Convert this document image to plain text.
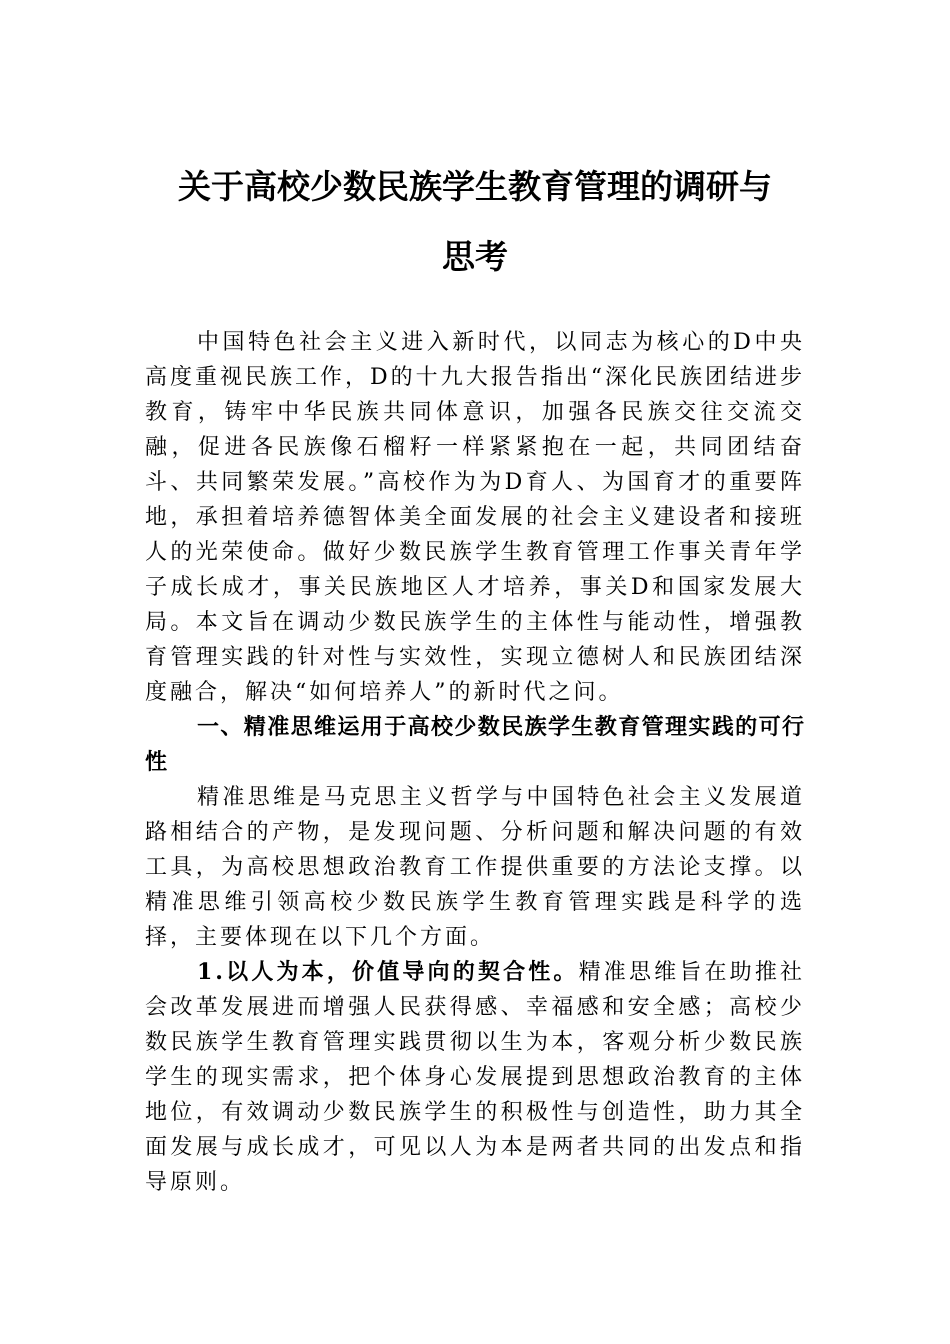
关于高校少数民族学生教育管理的调研与
思考

中国特色社会主义进入新时代，以同志为核心的D中央高度重视民族工作，D的十九大报告指出“深化民族团结进步教育，铸牢中华民族共同体意识，加强各民族交往交流交融，促进各民族像石榴籽一样紧紧抱在一起，共同团结奋斗、共同繁荣发展。”高校作为为D育人、为国育才的重要阵地，承担着培养德智体美全面发展的社会主义建设者和接班人的光荣使命。做好少数民族学生教育管理工作事关青年学子成长成才，事关民族地区人才培养，事关D和国家发展大局。本文旨在调动少数民族学生的主体性与能动性，增强教育管理实践的针对性与实效性，实现立德树人和民族团结深度融合，解决“如何培养人”的新时代之问。

一、精准思维运用于高校少数民族学生教育管理实践的可行性

精准思维是马克思主义哲学与中国特色社会主义发展道路相结合的产物，是发现问题、分析问题和解决问题的有效工具，为高校思想政治教育工作提供重要的方法论支撑。以精准思维引领高校少数民族学生教育管理实践是科学的选择，主要体现在以下几个方面。

1.以人为本，价值导向的契合性。精准思维旨在助推社会改革发展进而增强人民获得感、幸福感和安全感；高校少数民族学生教育管理实践贯彻以生为本，客观分析少数民族学生的现实需求，把个体身心发展提到思想政治教育的主体地位，有效调动少数民族学生的积极性与创造性，助力其全面发展与成长成才，可见以人为本是两者共同的出发点和指导原则。
